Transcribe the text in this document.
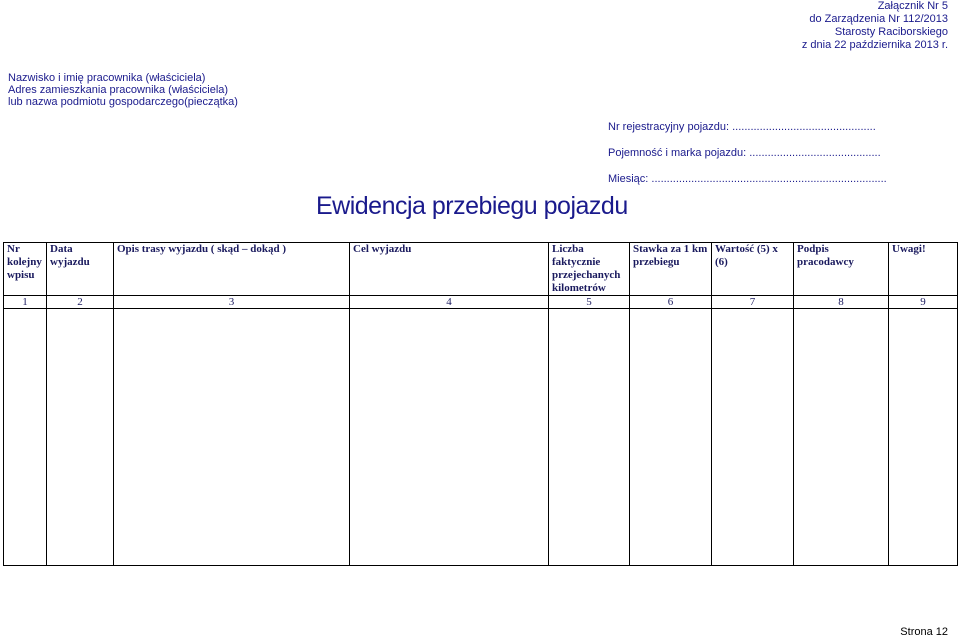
Załącznik Nr 5
do Zarządzenia Nr 112/2013
Starosty Raciborskiego
z dnia 22 października 2013 r.
Nazwisko i imię pracownika (właściciela)
Adres zamieszkania pracownika (właściciela)
lub nazwa podmiotu gospodarczego(pieczątka)
Nr rejestracyjny pojazdu: ...............................................
Pojemność i marka pojazdu: ...........................................
Miesiąc: .............................................................................
Ewidencja przebiegu pojazdu
Nr kolejny wpisu	Data wyjazdu	Opis trasy wyjazdu ( skąd – dokąd )	Cel wyjazdu	Liczba faktycznie przejechanych kilometrów	Stawka za 1 km przebiegu	Wartość (5) x (6)	Podpis pracodawcy	Uwagi!
1	2	3	4	5	6	7	8	9

Strona 12
